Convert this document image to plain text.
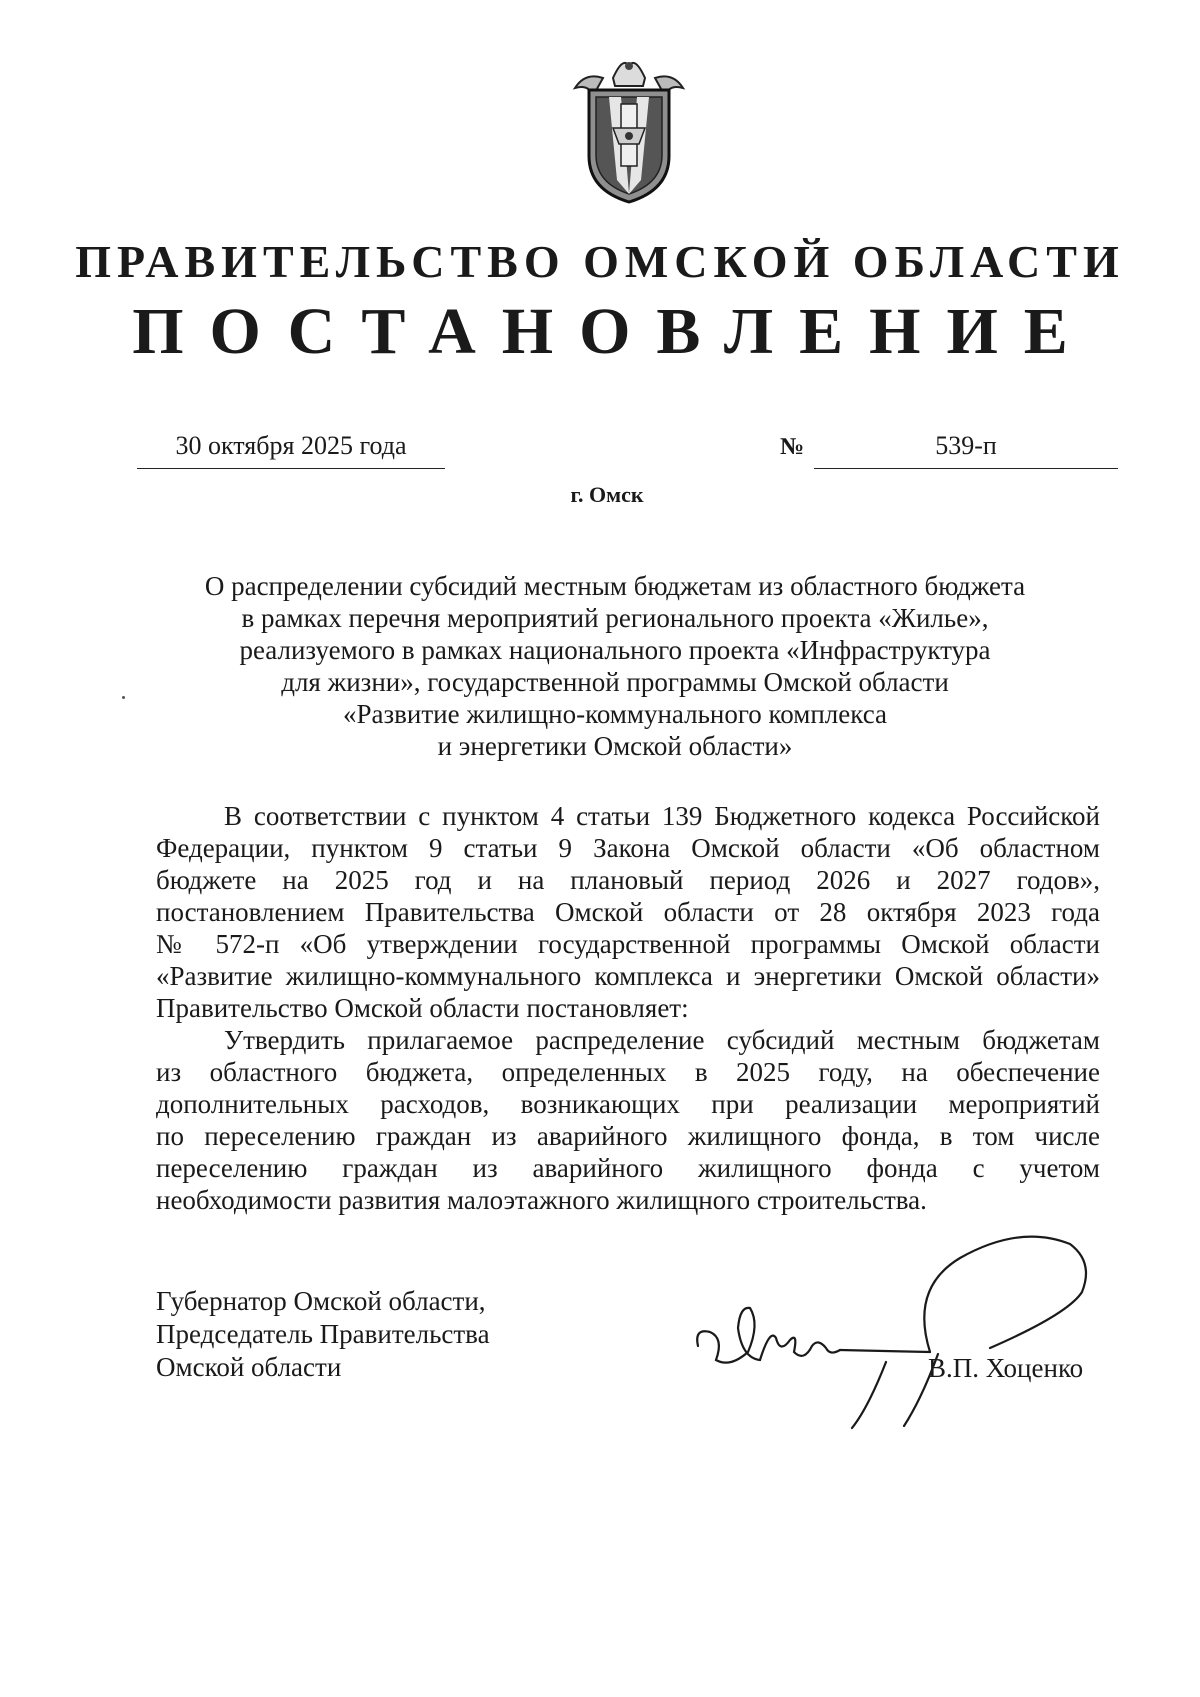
ПРАВИТЕЛЬСТВО ОМСКОЙ ОБЛАСТИ
ПОСТАНОВЛЕНИЕ
30 октября 2025 года	№	539-п
г. Омск
О распределении субсидий местным бюджетам из областного бюджета
в рамках перечня мероприятий регионального проекта «Жилье»,
реализуемого в рамках национального проекта «Инфраструктура
для жизни», государственной программы Омской области
«Развитие жилищно-коммунального комплекса
и энергетики Омской области»
В соответствии с пунктом 4 статьи 139 Бюджетного кодекса Российской
Федерации, пунктом 9 статьи 9 Закона Омской области «Об областном
бюджете на 2025 год и на плановый период 2026 и 2027 годов»,
постановлением Правительства Омской области от 28 октября 2023 года
№ 572-п «Об утверждении государственной программы Омской области
«Развитие жилищно-коммунального комплекса и энергетики Омской области»
Правительство Омской области постановляет:
Утвердить прилагаемое распределение субсидий местным бюджетам
из областного бюджета, определенных в 2025 году, на обеспечение
дополнительных расходов, возникающих при реализации мероприятий
по переселению граждан из аварийного жилищного фонда, в том числе
переселению граждан из аварийного жилищного фонда с учетом
необходимости развития малоэтажного жилищного строительства.
Губернатор Омской области,
Председатель Правительства
Омской области	В.П. Хоценко
